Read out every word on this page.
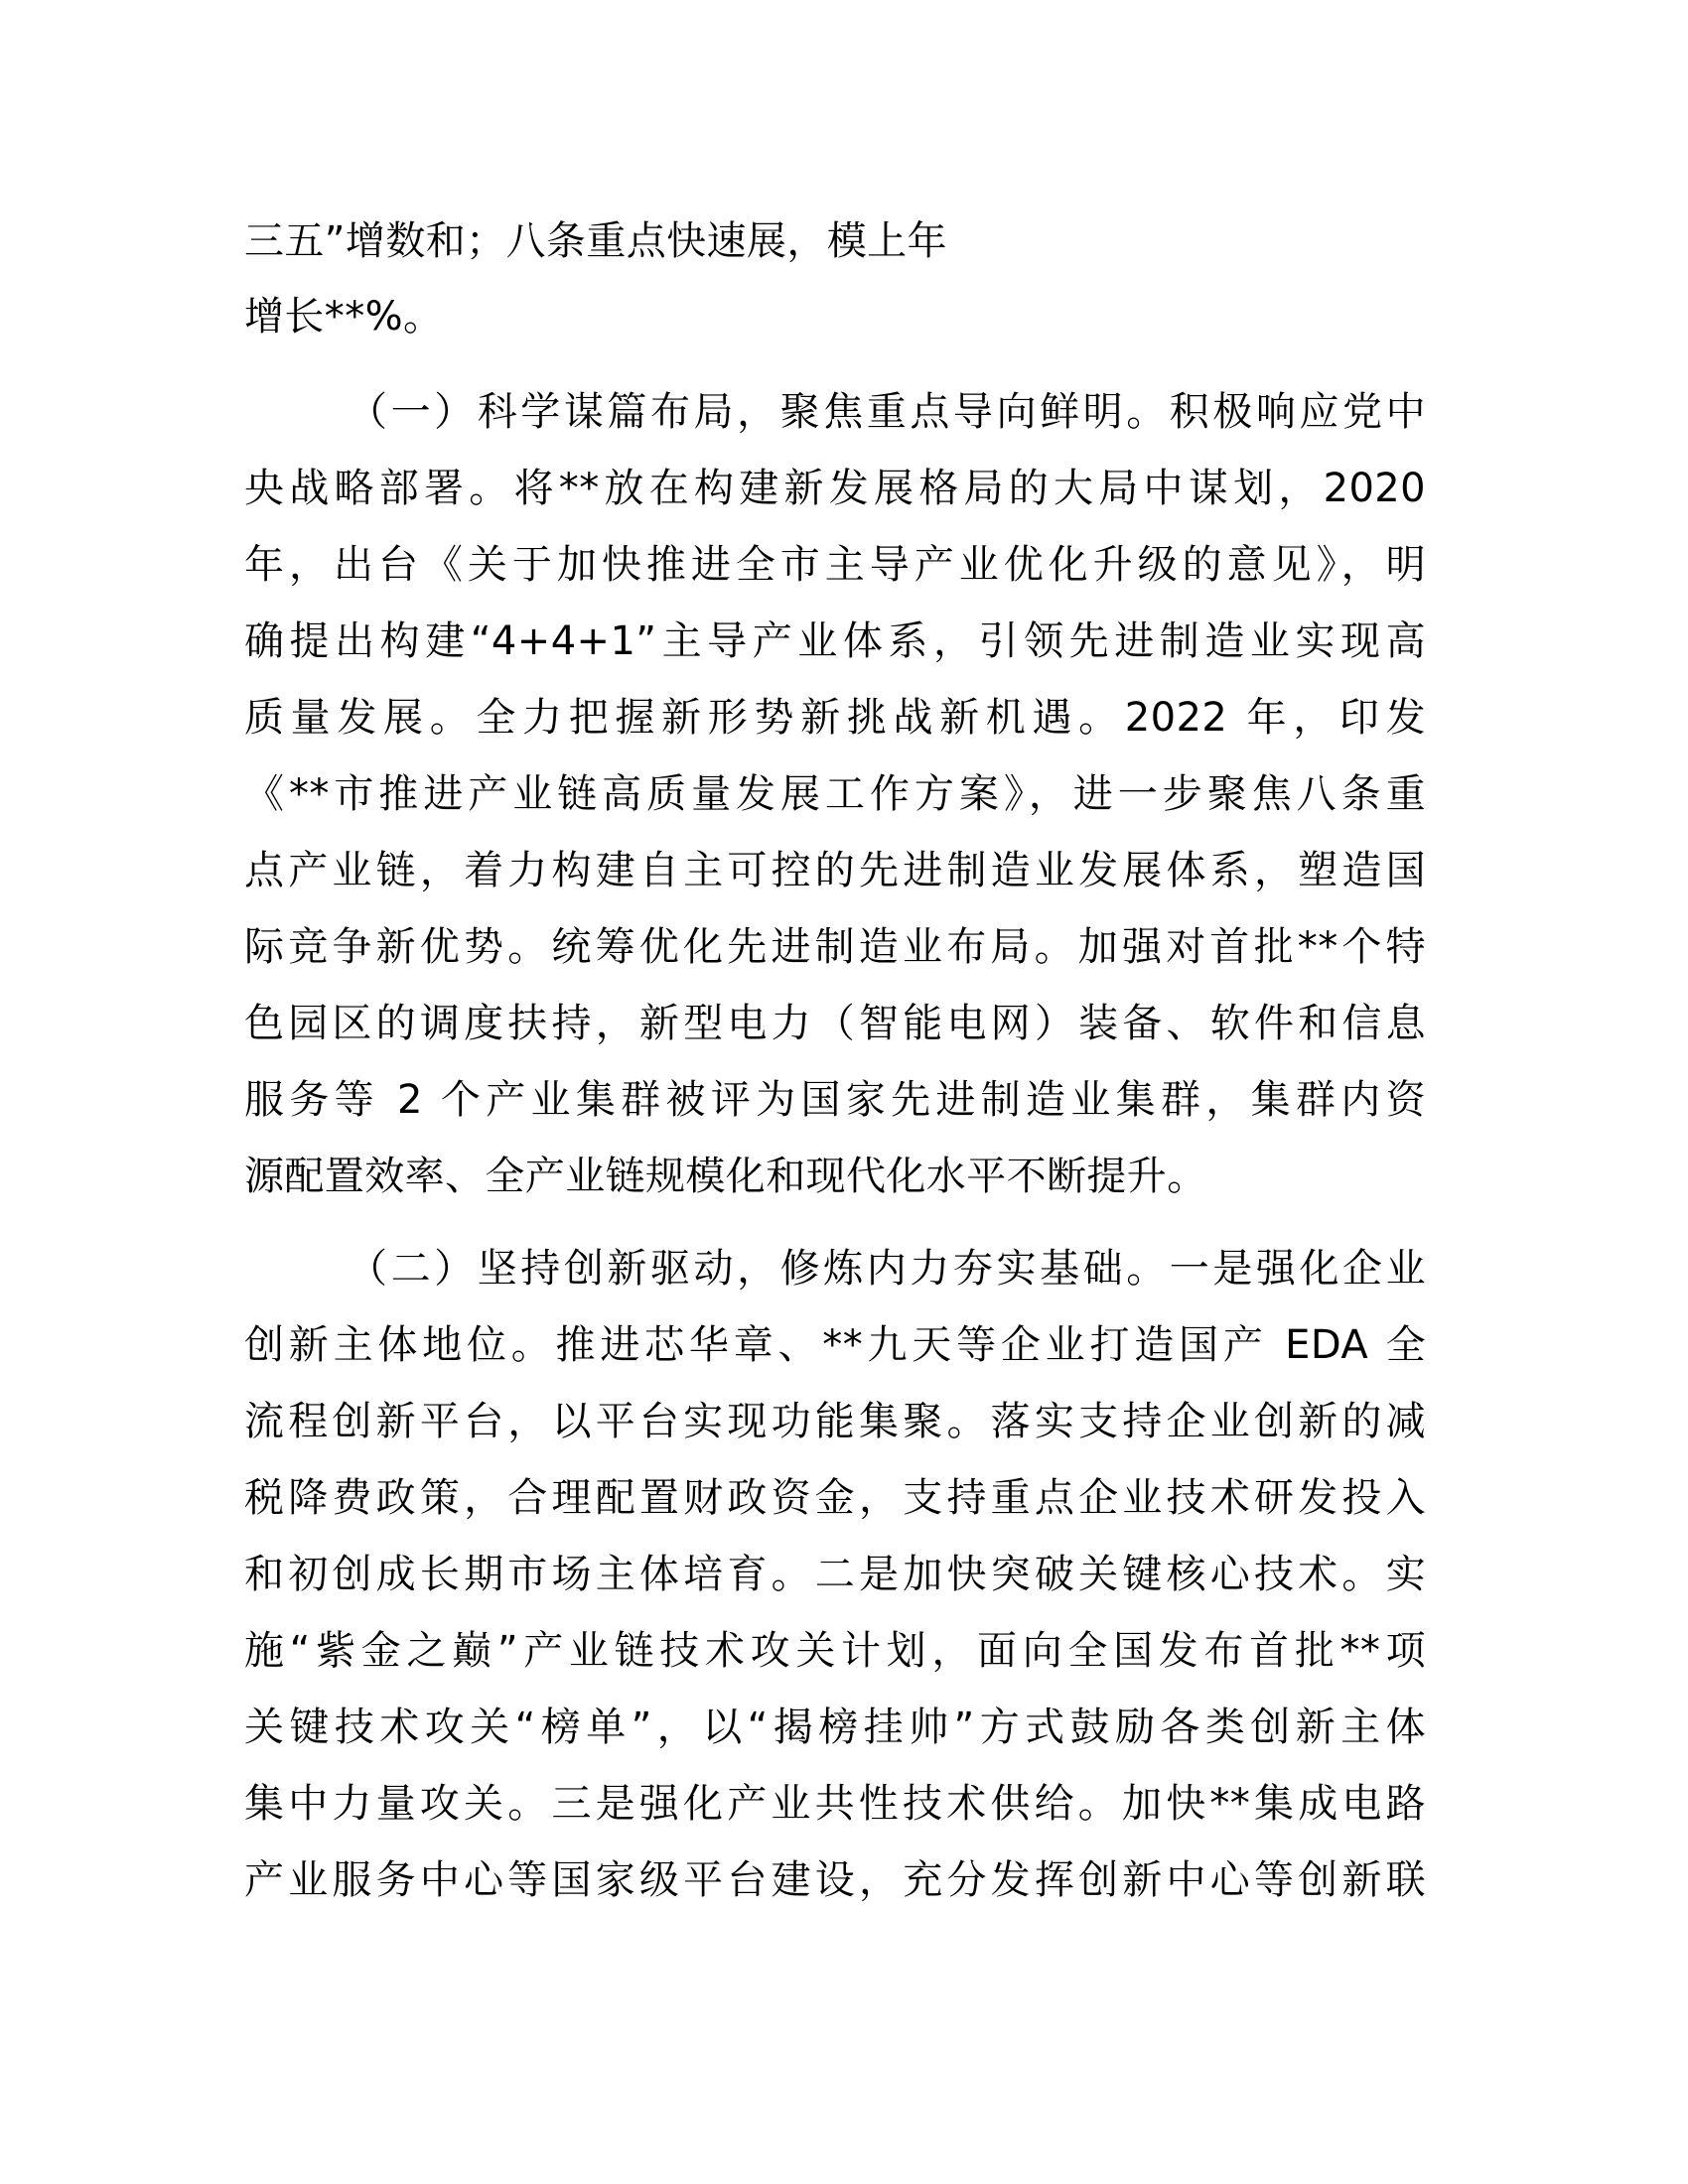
三五”增数和；八条重点快速展，模上年
增长**%。
（一）科学谋篇布局，聚焦重点导向鲜明。积极响应党中
央战略部署。将**放在构建新发展格局的大局中谋划，2020
年，出台《关于加快推进全市主导产业优化升级的意见》，明
确提出构建“4+4+1”主导产业体系，引领先进制造业实现高
质量发展。全力把握新形势新挑战新机遇。2022 年，印发
《**市推进产业链高质量发展工作方案》，进一步聚焦八条重
点产业链，着力构建自主可控的先进制造业发展体系，塑造国
际竞争新优势。统筹优化先进制造业布局。加强对首批**个特
色园区的调度扶持，新型电力（智能电网）装备、软件和信息
服务等 2 个产业集群被评为国家先进制造业集群，集群内资
源配置效率、全产业链规模化和现代化水平不断提升。
（二）坚持创新驱动，修炼内力夯实基础。一是强化企业
创新主体地位。推进芯华章、**九天等企业打造国产 EDA 全
流程创新平台，以平台实现功能集聚。落实支持企业创新的减
税降费政策，合理配置财政资金，支持重点企业技术研发投入
和初创成长期市场主体培育。二是加快突破关键核心技术。实
施“紫金之巅”产业链技术攻关计划，面向全国发布首批**项
关键技术攻关“榜单”，以“揭榜挂帅”方式鼓励各类创新主体
集中力量攻关。三是强化产业共性技术供给。加快**集成电路
产业服务中心等国家级平台建设，充分发挥创新中心等创新联
